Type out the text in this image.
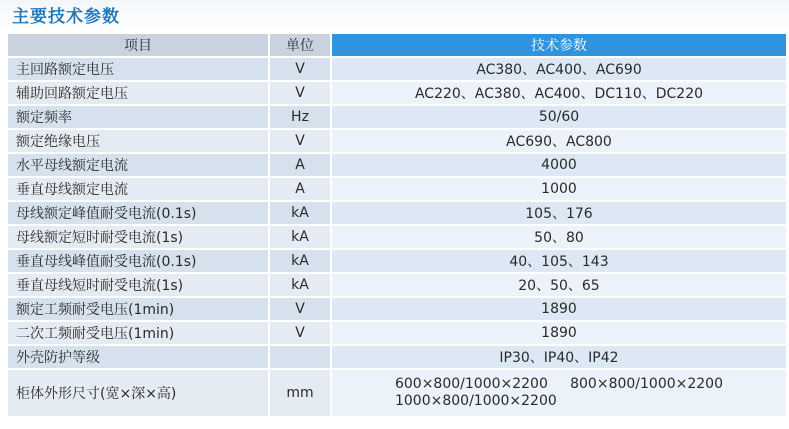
主要技术参数
项目	单位	技术参数
主回路额定电压	V	AC380、AC400、AC690
辅助回路额定电压	V	AC220、AC380、AC400、DC110、DC220
额定频率	Hz	50/60
额定绝缘电压	V	AC690、AC800
水平母线额定电流	A	4000
垂直母线额定电流	A	1000
母线额定峰值耐受电流(0.1s)	kA	105、176
母线额定短时耐受电流(1s)	kA	50、80
垂直母线峰值耐受电流(0.1s)	kA	40、105、143
垂直母线短时耐受电流(1s)	kA	20、50、65
额定工频耐受电压(1min)	V	1890
二次工频耐受电压(1min)	V	1890
外壳防护等级		IP30、IP40、IP42
柜体外形尺寸(宽×深×高)	mm	600×800/1000×2200     800×800/1000×2200
1000×800/1000×2200
